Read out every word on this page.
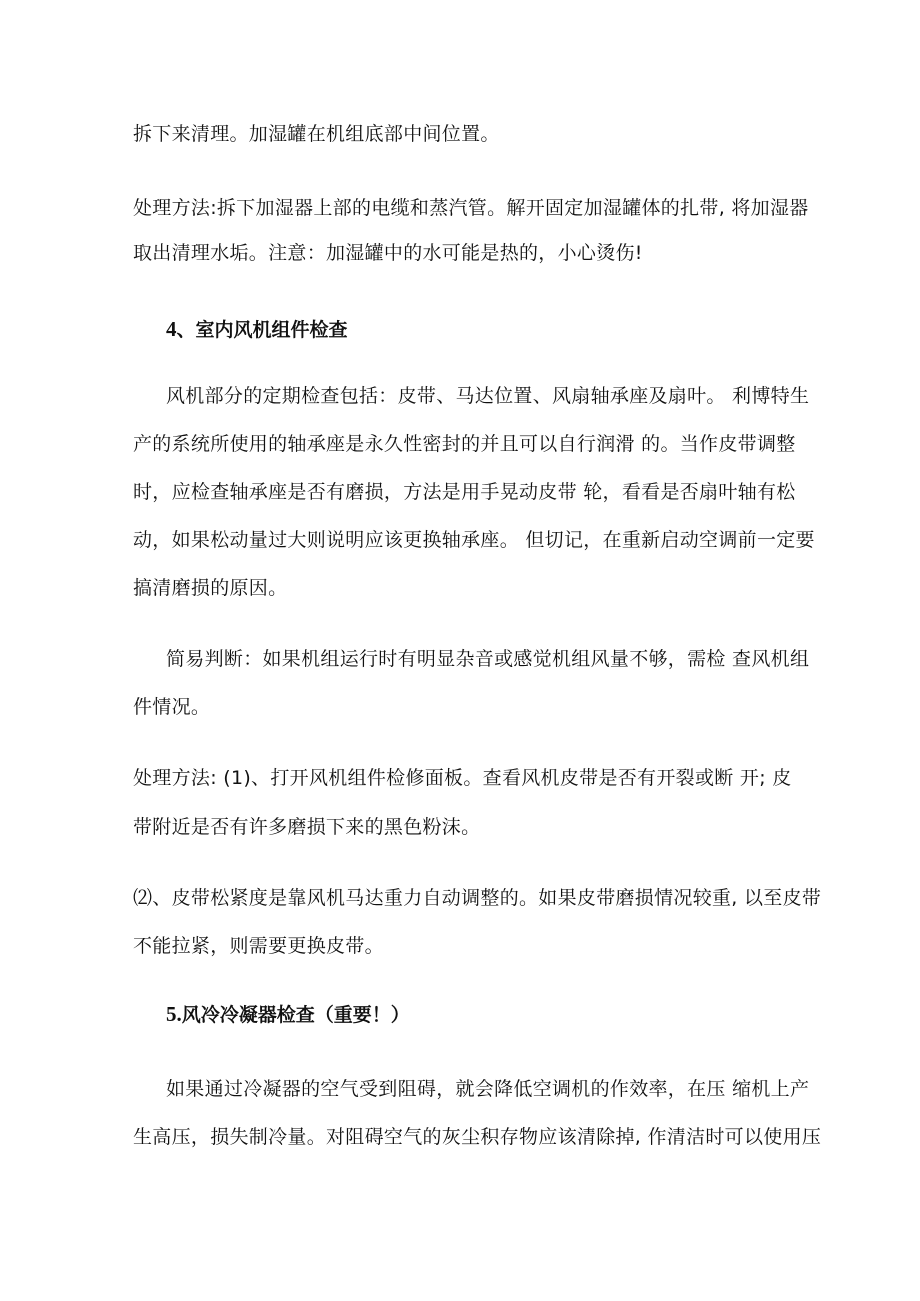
拆下来清理。加湿罐在机组底部中间位置。
处理方法:拆下加湿器上部的电缆和蒸汽管。解开固定加湿罐体的扎带, 将加湿器
取出清理水垢。注意：加湿罐中的水可能是热的，小心烫伤!
4、室内风机组件检查
风机部分的定期检查包括：皮带、马达位置、风扇轴承座及扇叶。 利博特生
产的系统所使用的轴承座是永久性密封的并且可以自行润滑 的。当作皮带调整
时，应检查轴承座是否有磨损，方法是用手晃动皮带 轮，看看是否扇叶轴有松
动，如果松动量过大则说明应该更换轴承座。 但切记，在重新启动空调前一定要
搞清磨损的原因。
简易判断：如果机组运行时有明显杂音或感觉机组风量不够，需检 查风机组
件情况。
处理方法: (1)、打开风机组件检修面板。查看风机皮带是否有开裂或断 开; 皮
带附近是否有许多磨损下来的黑色粉沫。
⑵、皮带松紧度是靠风机马达重力自动调整的。如果皮带磨损情况较重, 以至皮带
不能拉紧，则需要更换皮带。
5.风冷冷凝器检查（重要！）
如果通过冷凝器的空气受到阻碍，就会降低空调机的作效率，在压 缩机上产
生高压，损失制冷量。对阻碍空气的灰尘积存物应该清除掉, 作清洁时可以使用压
